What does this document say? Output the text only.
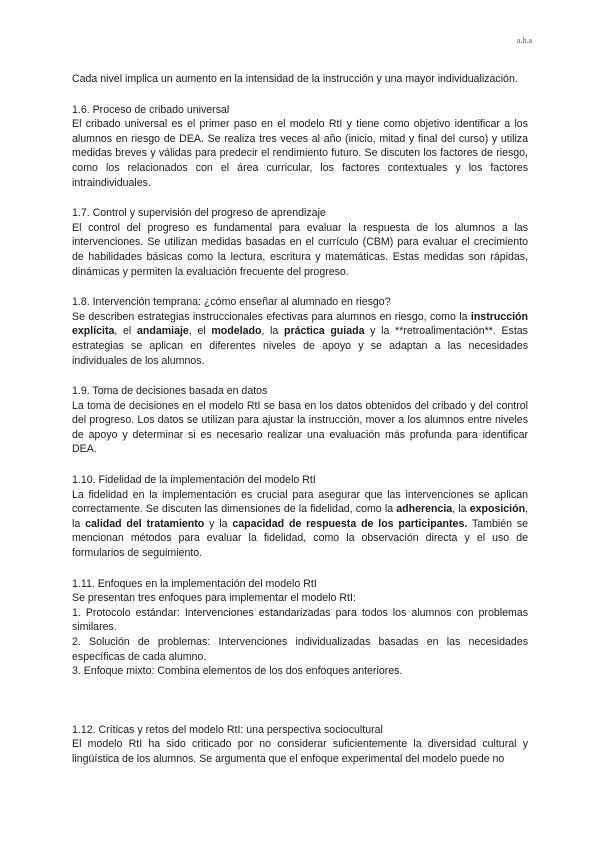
a.h.a

Cada nivel implica un aumento en la intensidad de la instrucción y una mayor individualización.

1.6. Proceso de cribado universal

El cribado universal es el primer paso en el modelo RtI y tiene como objetivo identificar a los alumnos en riesgo de DEA. Se realiza tres veces al año (inicio, mitad y final del curso) y utiliza medidas breves y válidas para predecir el rendimiento futuro. Se discuten los factores de riesgo, como los relacionados con el área curricular, los factores contextuales y los factores intraindividuales.

1.7. Control y supervisión del progreso de aprendizaje

El control del progreso es fundamental para evaluar la respuesta de los alumnos a las intervenciones. Se utilizan medidas basadas en el currículo (CBM) para evaluar el crecimiento de habilidades básicas como la lectura, escritura y matemáticas. Estas medidas son rápidas, dinámicas y permiten la evaluación frecuente del progreso.

1.8. Intervención temprana: ¿cómo enseñar al alumnado en riesgo?

Se describen estrategias instruccionales efectivas para alumnos en riesgo, como la instrucción explícita, el andamiaje, el modelado, la práctica guiada y la **retroalimentación**. Estas estrategias se aplican en diferentes niveles de apoyo y se adaptan a las necesidades individuales de los alumnos.

1.9. Toma de decisiones basada en datos

La toma de decisiones en el modelo RtI se basa en los datos obtenidos del cribado y del control del progreso. Los datos se utilizan para ajustar la instrucción, mover a los alumnos entre niveles de apoyo y determinar si es necesario realizar una evaluación más profunda para identificar DEA.

1.10. Fidelidad de la implementación del modelo RtI

La fidelidad en la implementación es crucial para asegurar que las intervenciones se aplican correctamente. Se discuten las dimensiones de la fidelidad, como la adherencia, la exposición, la calidad del tratamiento y la capacidad de respuesta de los participantes. También se mencionan métodos para evaluar la fidelidad, como la observación directa y el uso de formularios de seguimiento.

1.11. Enfoques en la implementación del modelo RtI

Se presentan tres enfoques para implementar el modelo RtI:

1. Protocolo estándar: Intervenciones estandarizadas para todos los alumnos con problemas similares.

2. Solución de problemas: Intervenciones individualizadas basadas en las necesidades específicas de cada alumno.

3. Enfoque mixto: Combina elementos de los dos enfoques anteriores.

1.12. Críticas y retos del modelo RtI: una perspectiva sociocultural

El modelo RtI ha sido criticado por no considerar suficientemente la diversidad cultural y lingüística de los alumnos. Se argumenta que el enfoque experimental del modelo puede no
